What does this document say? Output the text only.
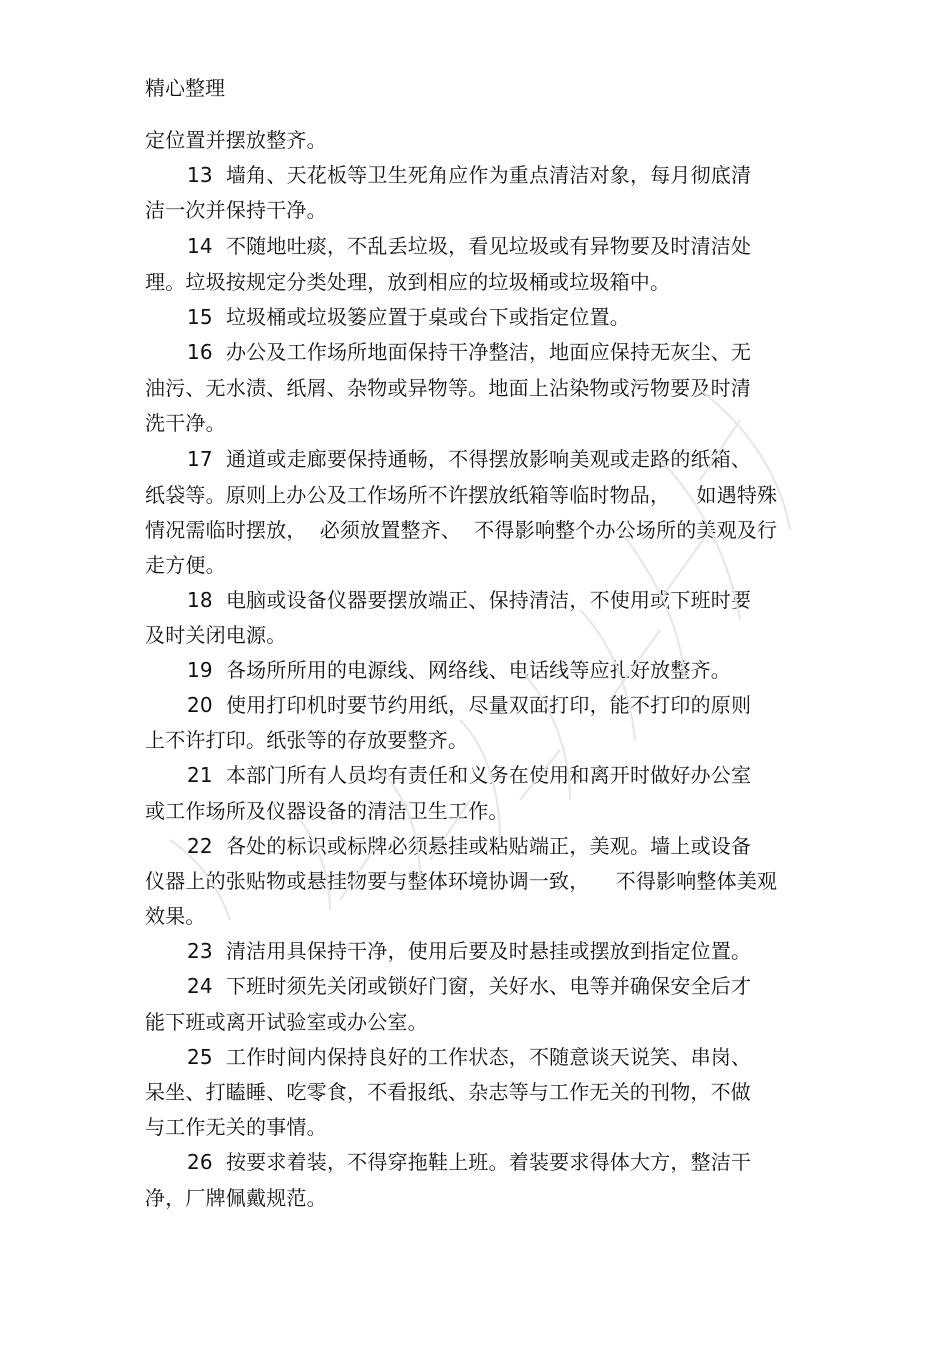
精心整理
定位置并摆放整齐。
13  墙角、天花板等卫生死角应作为重点清洁对象，每月彻底清
洁一次并保持干净。
14  不随地吐痰，不乱丢垃圾，看见垃圾或有异物要及时清洁处
理。垃圾按规定分类处理，放到相应的垃圾桶或垃圾箱中。
15  垃圾桶或垃圾篓应置于桌或台下或指定位置。
16  办公及工作场所地面保持干净整洁，地面应保持无灰尘、无
油污、无水渍、纸屑、杂物或异物等。地面上沾染物或污物要及时清
洗干净。
17  通道或走廊要保持通畅，不得摆放影响美观或走路的纸箱、
纸袋等。原则上办公及工作场所不许摆放纸箱等临时物品，    如遇特殊
情况需临时摆放，  必须放置整齐、  不得影响整个办公场所的美观及行
走方便。
18  电脑或设备仪器要摆放端正、保持清洁，不使用或下班时要
及时关闭电源。
19  各场所所用的电源线、网络线、电话线等应扎好放整齐。
20  使用打印机时要节约用纸，尽量双面打印，能不打印的原则
上不许打印。纸张等的存放要整齐。
21  本部门所有人员均有责任和义务在使用和离开时做好办公室
或工作场所及仪器设备的清洁卫生工作。
22  各处的标识或标牌必须悬挂或粘贴端正，美观。墙上或设备
仪器上的张贴物或悬挂物要与整体环境协调一致，    不得影响整体美观
效果。
23  清洁用具保持干净，使用后要及时悬挂或摆放到指定位置。
24  下班时须先关闭或锁好门窗，关好水、电等并确保安全后才
能下班或离开试验室或办公室。
25  工作时间内保持良好的工作状态，不随意谈天说笑、串岗、
呆坐、打瞌睡、吃零食，不看报纸、杂志等与工作无关的刊物，不做
与工作无关的事情。
26  按要求着装，不得穿拖鞋上班。着装要求得体大方，整洁干
净，厂牌佩戴规范。
